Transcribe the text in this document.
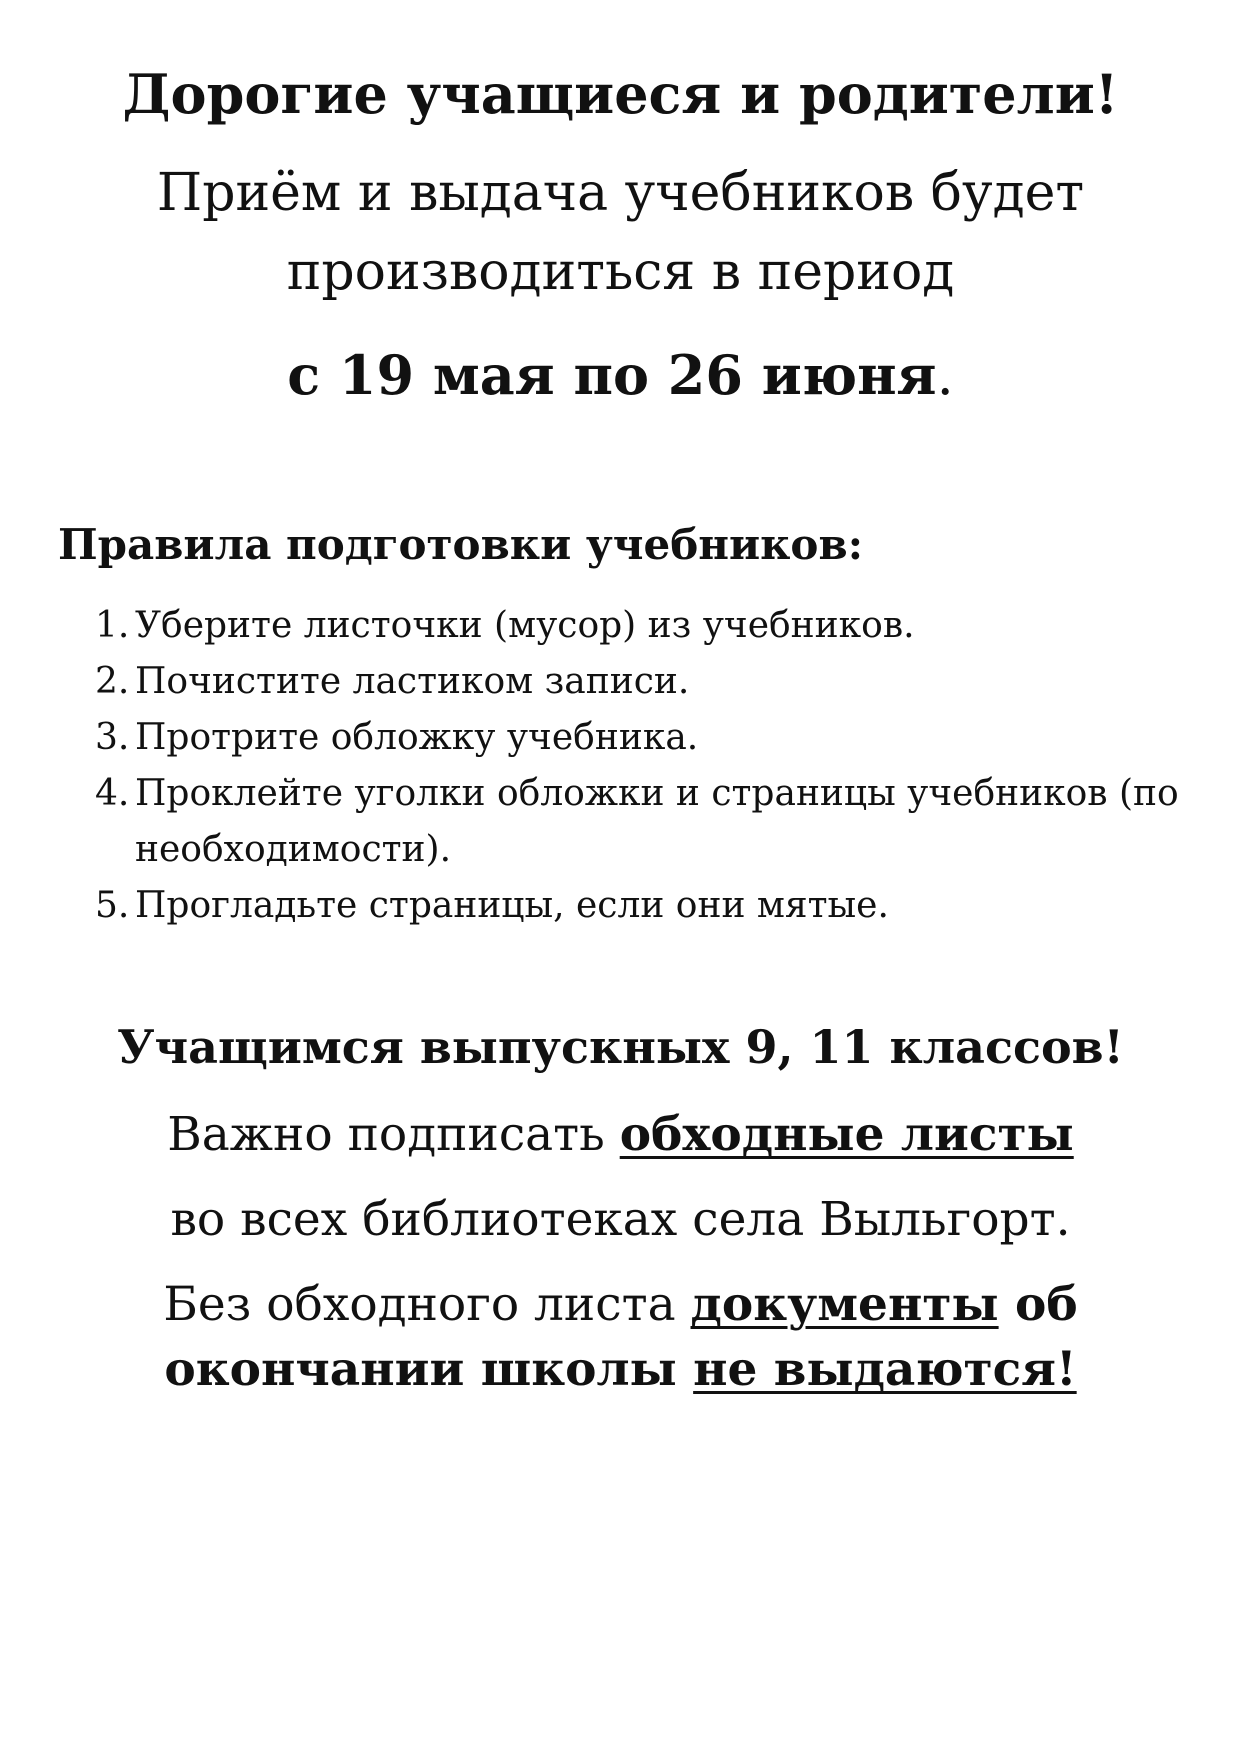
Дорогие учащиеся и родители!
Приём и выдача учебников будет
производиться в период
с 19 мая по 26 июня.
Правила подготовки учебников:
1. Уберите листочки (мусор) из учебников.
2. Почистите ластиком записи.
3. Протрите обложку учебника.
4. Проклейте уголки обложки и страницы учебников (по
необходимости).
5. Прогладьте страницы, если они мятые.
Учащимся выпускных 9, 11 классов!
Важно подписать обходные листы
во всех библиотеках села Выльгорт.
Без обходного листа документы об
окончании школы не выдаются!
